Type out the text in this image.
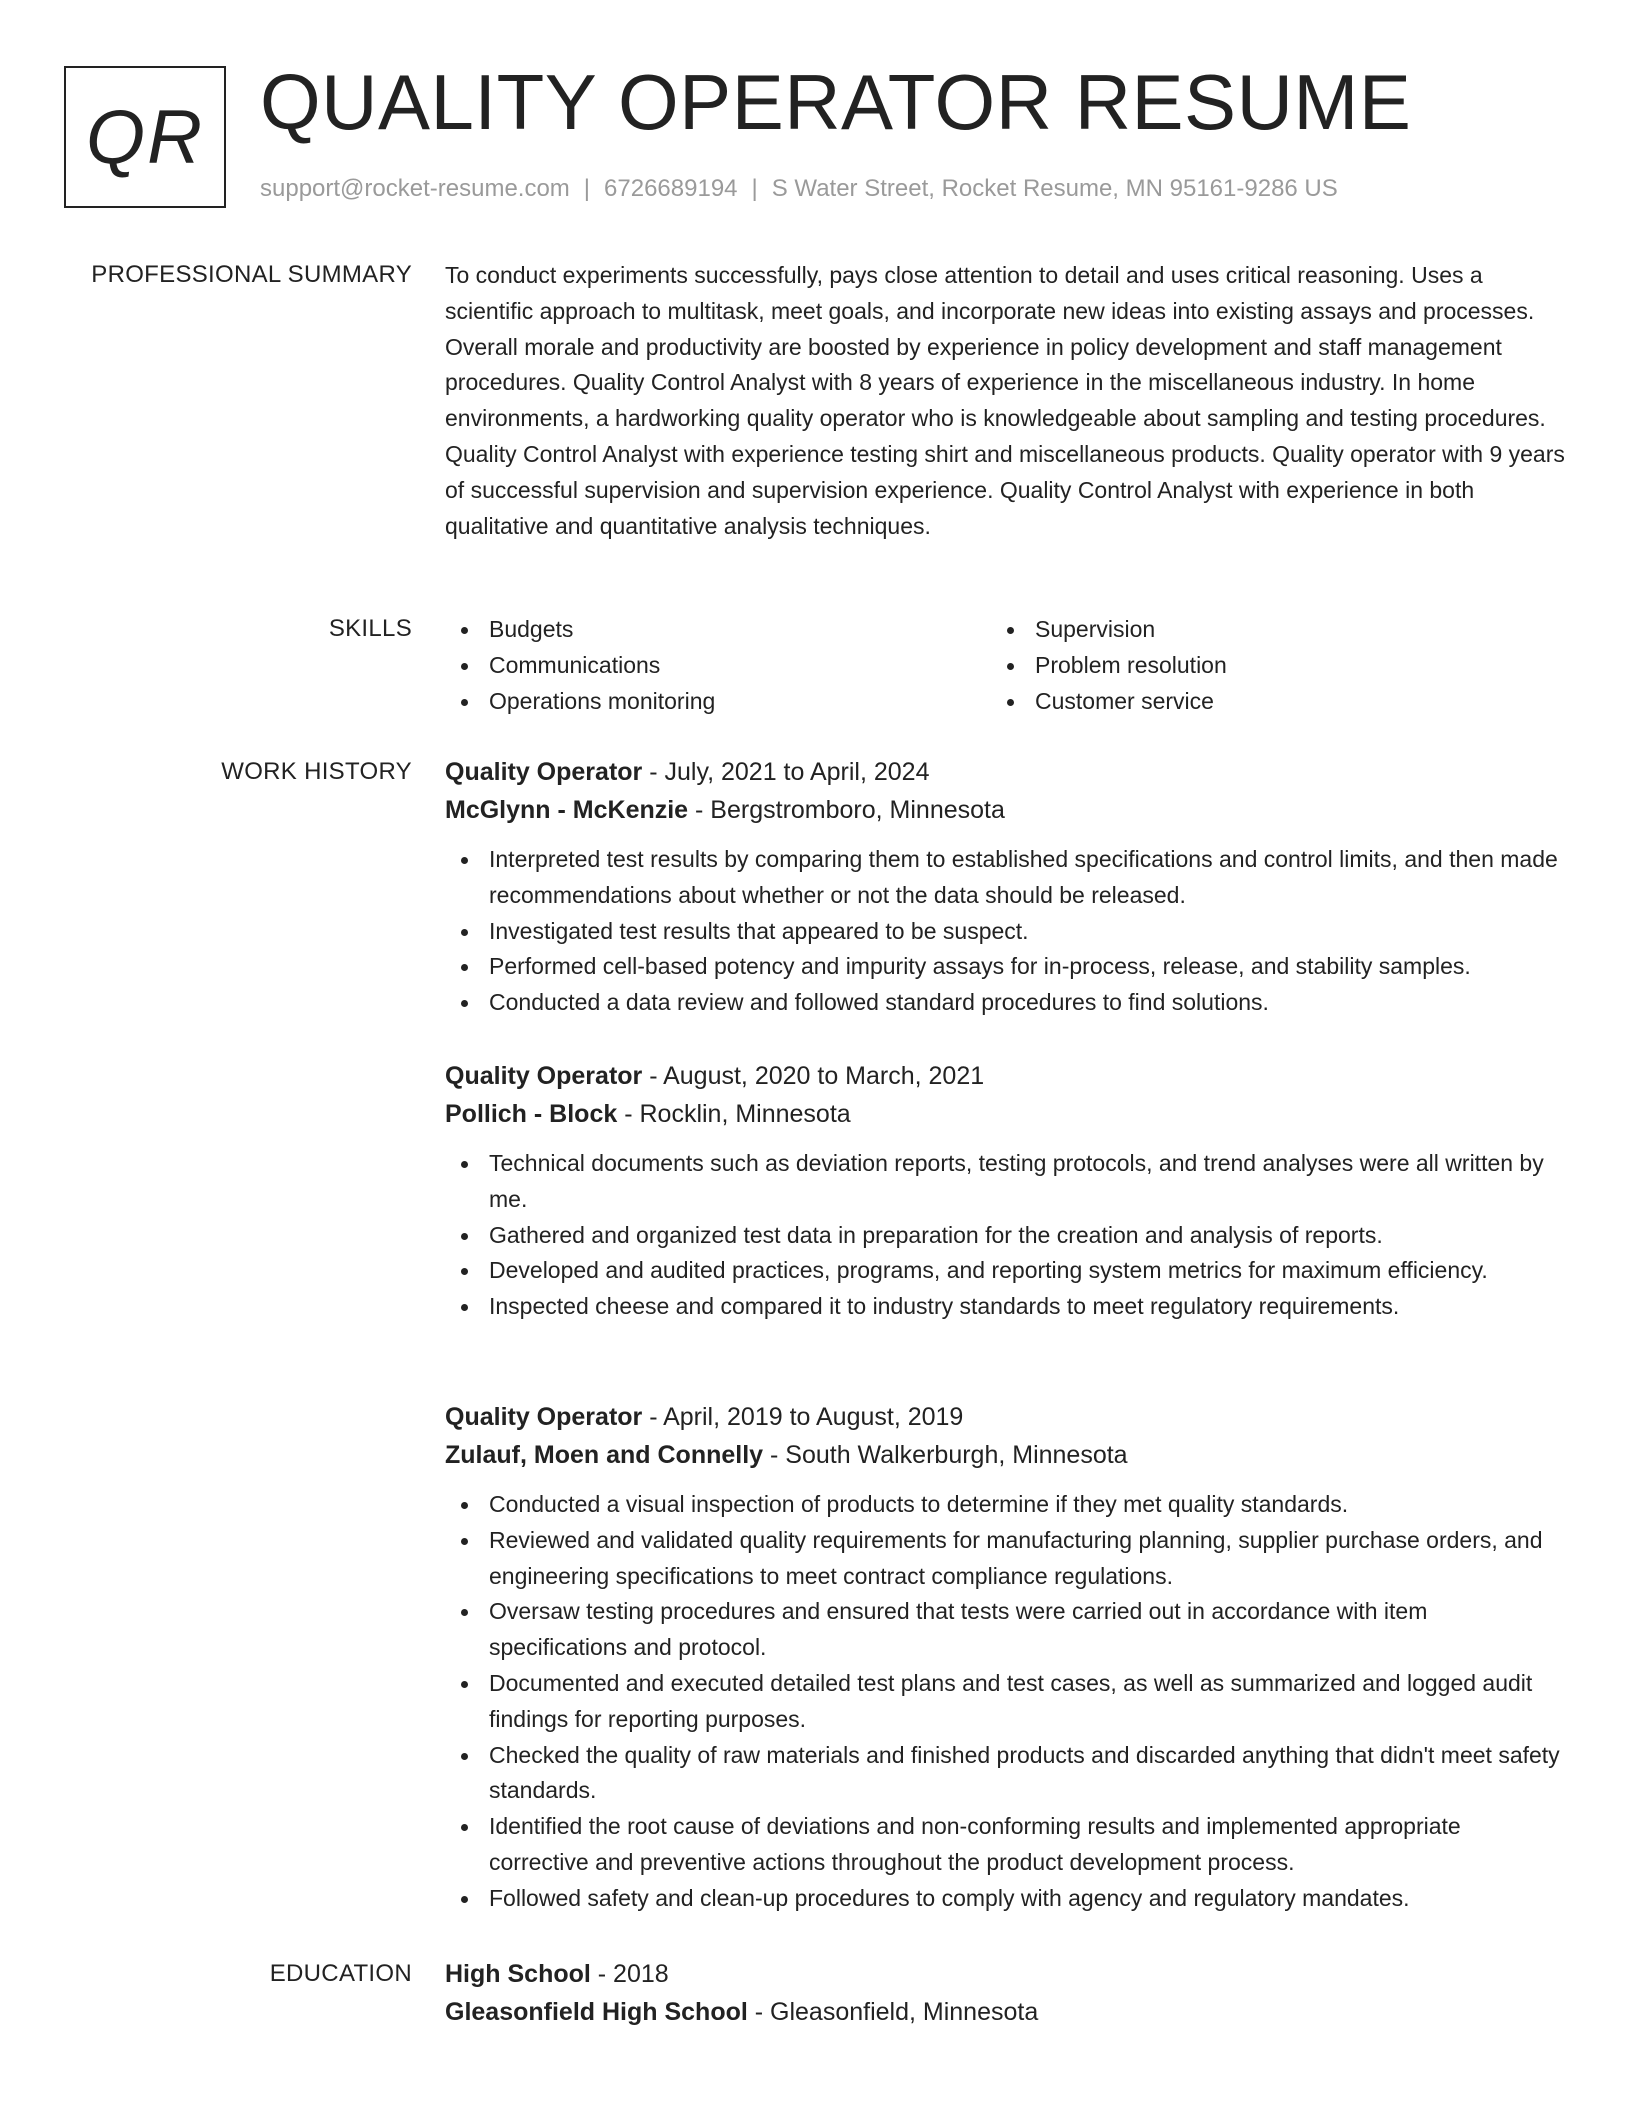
QR QUALITY OPERATOR RESUME
support@rocket-resume.com | 6726689194 | S Water Street, Rocket Resume, MN 95161-9286 US
PROFESSIONAL SUMMARY To conduct experiments successfully, pays close attention to detail and uses critical reasoning. Uses a scientific approach to multitask, meet goals, and incorporate new ideas into existing assays and processes. Overall morale and productivity are boosted by experience in policy development and staff management procedures. Quality Control Analyst with 8 years of experience in the miscellaneous industry. In home environments, a hardworking quality operator who is knowledgeable about sampling and testing procedures. Quality Control Analyst with experience testing shirt and miscellaneous products. Quality operator with 9 years of successful supervision and supervision experience. Quality Control Analyst with experience in both qualitative and quantitative analysis techniques.

SKILLS	Budgets
Communications
Operations monitoring
Supervision
Problem resolution
Customer service
WORK HISTORY Quality Operator - July, 2021 to April, 2024
McGlynn - McKenzie - Bergstromboro, Minnesota
Interpreted test results by comparing them to established specifications and control limits, and then made recommendations about whether or not the data should be released.
Investigated test results that appeared to be suspect.
Performed cell-based potency and impurity assays for in-process, release, and stability samples.
Conducted a data review and followed standard procedures to find solutions.
Quality Operator - August, 2020 to March, 2021
Pollich - Block - Rocklin, Minnesota
Technical documents such as deviation reports, testing protocols, and trend analyses were all written by me.
Gathered and organized test data in preparation for the creation and analysis of reports.
Developed and audited practices, programs, and reporting system metrics for maximum efficiency.
Inspected cheese and compared it to industry standards to meet regulatory requirements.
Quality Operator - April, 2019 to August, 2019
Zulauf, Moen and Connelly - South Walkerburgh, Minnesota
Conducted a visual inspection of products to determine if they met quality standards.
Reviewed and validated quality requirements for manufacturing planning, supplier purchase orders, and engineering specifications to meet contract compliance regulations.
Oversaw testing procedures and ensured that tests were carried out in accordance with item specifications and protocol.
Documented and executed detailed test plans and test cases, as well as summarized and logged audit findings for reporting purposes.
Checked the quality of raw materials and finished products and discarded anything that didn't meet safety standards.
Identified the root cause of deviations and non-conforming results and implemented appropriate corrective and preventive actions throughout the product development process.
Followed safety and clean-up procedures to comply with agency and regulatory mandates.
EDUCATION High School - 2018
Gleasonfield High School - Gleasonfield, Minnesota
